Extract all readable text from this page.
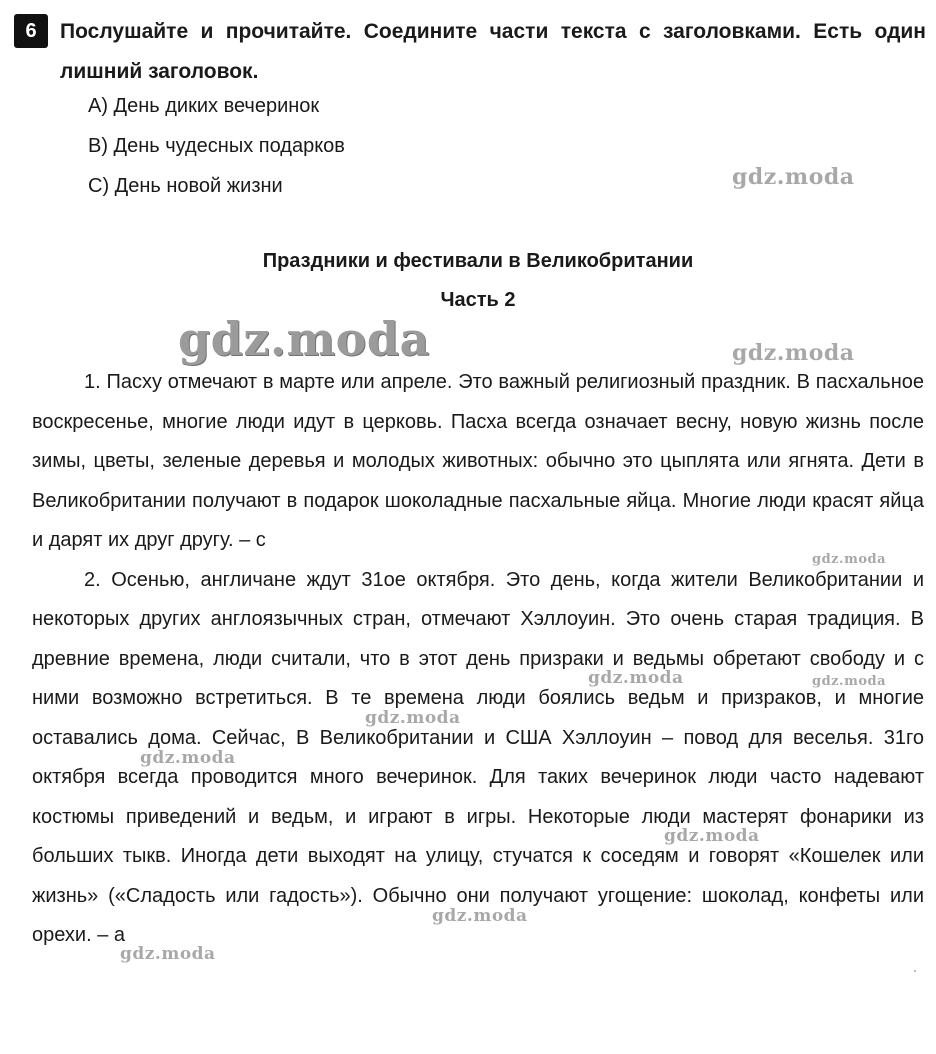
6	Послушайте и прочитайте. Соедините части текста с заголовками. Есть один лишний заголовок.

A) День диких вечеринок
B) День чудесных подарков
C) День новой жизни
Праздники и фестивали в Великобритании
Часть 2

1. Пасху отмечают в марте или апреле. Это важный религиозный праздник. В пасхальное воскресенье, многие люди идут в церковь. Пасха всегда означает весну, новую жизнь после зимы, цветы, зеленые деревья и молодых животных: обычно это цыплята или ягнята. Дети в Великобритании получают в подарок шоколадные пасхальные яйца. Многие люди красят яйца и дарят их друг другу. – с

2. Осенью, англичане ждут 31ое октября. Это день, когда жители Великобритании и некоторых других англоязычных стран, отмечают Хэллоуин. Это очень старая традиция. В древние времена, люди считали, что в этот день призраки и ведьмы обретают свободу и с ними возможно встретиться. В те времена люди боялись ведьм и призраков, и многие оставались дома. Сейчас, В Великобритании и США Хэллоуин – повод для веселья. 31го октября всегда проводится много вечеринок. Для таких вечеринок люди часто надевают костюмы приведений и ведьм, и играют в игры. Некоторые люди мастерят фонарики из больших тыкв. Иногда дети выходят на улицу, стучатся к соседям и говорят «Кошелек или жизнь» («Сладость или гадость»). Обычно они получают угощение: шоколад, конфеты или орехи. – а

gdz.moda
gdz.moda	gdz.moda
gdz.moda
gdz.moda	gdz.moda
gdz.moda
gdz.moda
gdz.moda
gdz.moda
gdz.moda
